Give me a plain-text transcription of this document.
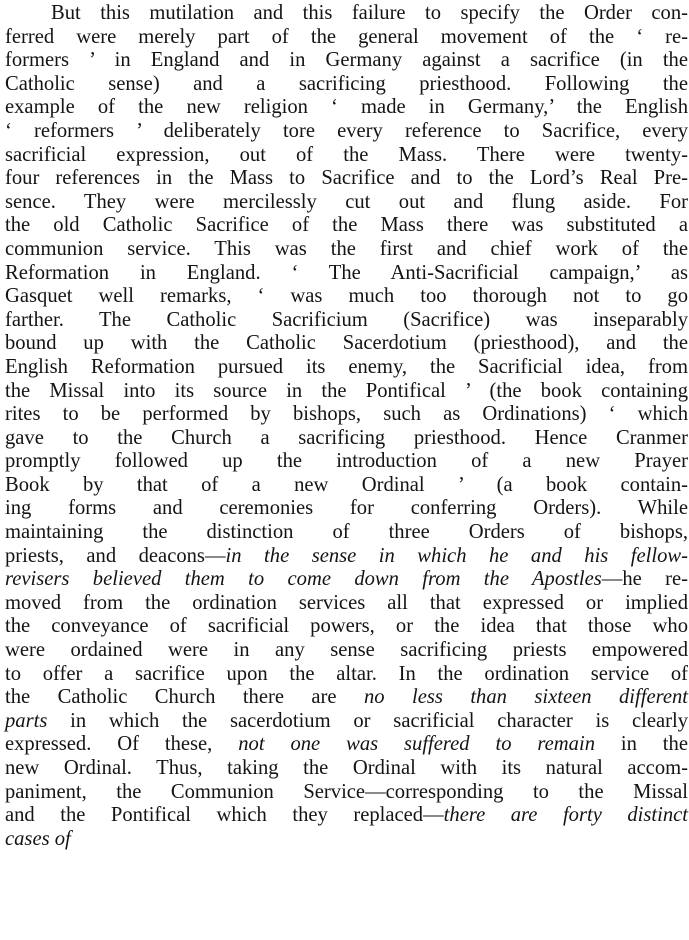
But this mutilation and this failure to specify the Order con-
ferred were merely part of the general movement of the ‘ re-
formers ’ in England and in Germany against a sacrifice (in the
Catholic sense) and a sacrificing priesthood. Following the
example of the new religion ‘ made in Germany,’ the English
‘ reformers ’ deliberately tore every reference to Sacrifice, every
sacrificial expression, out of the Mass. There were twenty-
four references in the Mass to Sacrifice and to the Lord’s Real Pre-
sence. They were mercilessly cut out and flung aside. For
the old Catholic Sacrifice of the Mass there was substituted a
communion service. This was the first and chief work of the
Reformation in England. ‘ The Anti-Sacrificial campaign,’ as
Gasquet well remarks, ‘ was much too thorough not to go
farther. The Catholic Sacrificium (Sacrifice) was inseparably
bound up with the Catholic Sacerdotium (priesthood), and the
English Reformation pursued its enemy, the Sacrificial idea, from
the Missal into its source in the Pontifical ’ (the book containing
rites to be performed by bishops, such as Ordinations) ‘ which
gave to the Church a sacrificing priesthood. Hence Cranmer
promptly followed up the introduction of a new Prayer
Book by that of a new Ordinal ’ (a book contain-
ing forms and ceremonies for conferring Orders). While
maintaining the distinction of three Orders of bishops,
priests, and deacons—in the sense in which he and his fellow-
revisers believed them to come down from the Apostles—he re-
moved from the ordination services all that expressed or implied
the conveyance of sacrificial powers, or the idea that those who
were ordained were in any sense sacrificing priests empowered
to offer a sacrifice upon the altar. In the ordination service of
the Catholic Church there are no less than sixteen different
parts in which the sacerdotium or sacrificial character is clearly
expressed. Of these, not one was suffered to remain in the
new Ordinal. Thus, taking the Ordinal with its natural accom-
paniment, the Communion Service—corresponding to the Missal
and the Pontifical which they replaced—there are forty distinct
cases of
